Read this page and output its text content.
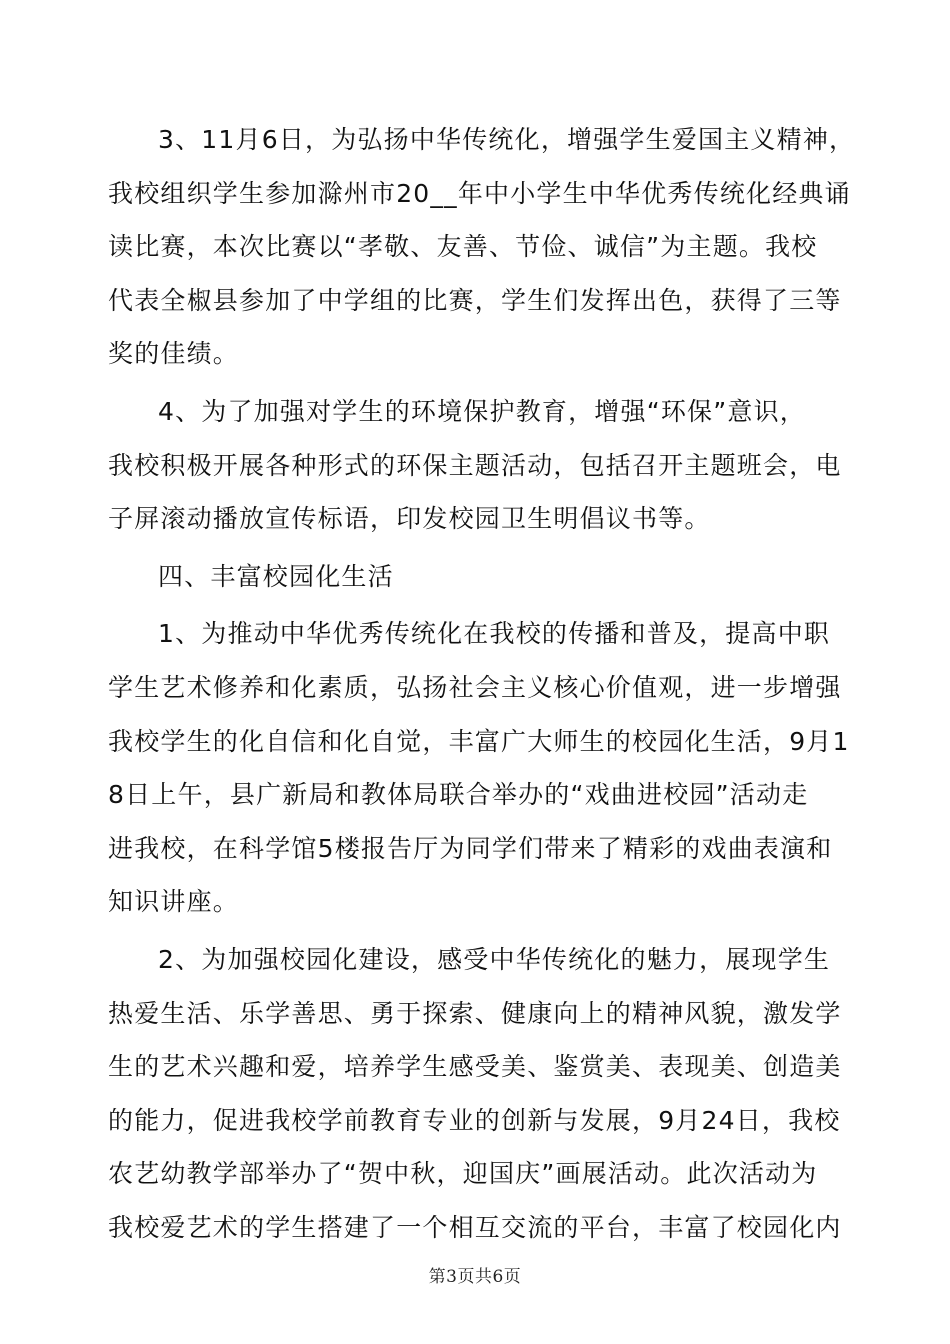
3、11月6日，为弘扬中华传统化，增强学生爱国主义精神，
我校组织学生参加滁州市20__年中小学生中华优秀传统化经典诵
读比赛，本次比赛以“孝敬、友善、节俭、诚信”为主题。我校
代表全椒县参加了中学组的比赛，学生们发挥出色，获得了三等
奖的佳绩。
4、为了加强对学生的环境保护教育，增强“环保”意识，
我校积极开展各种形式的环保主题活动，包括召开主题班会，电
子屏滚动播放宣传标语，印发校园卫生明倡议书等。
四、丰富校园化生活
1、为推动中华优秀传统化在我校的传播和普及，提高中职
学生艺术修养和化素质，弘扬社会主义核心价值观，进一步增强
我校学生的化自信和化自觉，丰富广大师生的校园化生活，9月1
8日上午，县广新局和教体局联合举办的“戏曲进校园”活动走
进我校，在科学馆5楼报告厅为同学们带来了精彩的戏曲表演和
知识讲座。
2、为加强校园化建设，感受中华传统化的魅力，展现学生
热爱生活、乐学善思、勇于探索、健康向上的精神风貌，激发学
生的艺术兴趣和爱，培养学生感受美、鉴赏美、表现美、创造美
的能力，促进我校学前教育专业的创新与发展，9月24日，我校
农艺幼教学部举办了“贺中秋，迎国庆”画展活动。此次活动为
我校爱艺术的学生搭建了一个相互交流的平台，丰富了校园化内
第3页共6页
